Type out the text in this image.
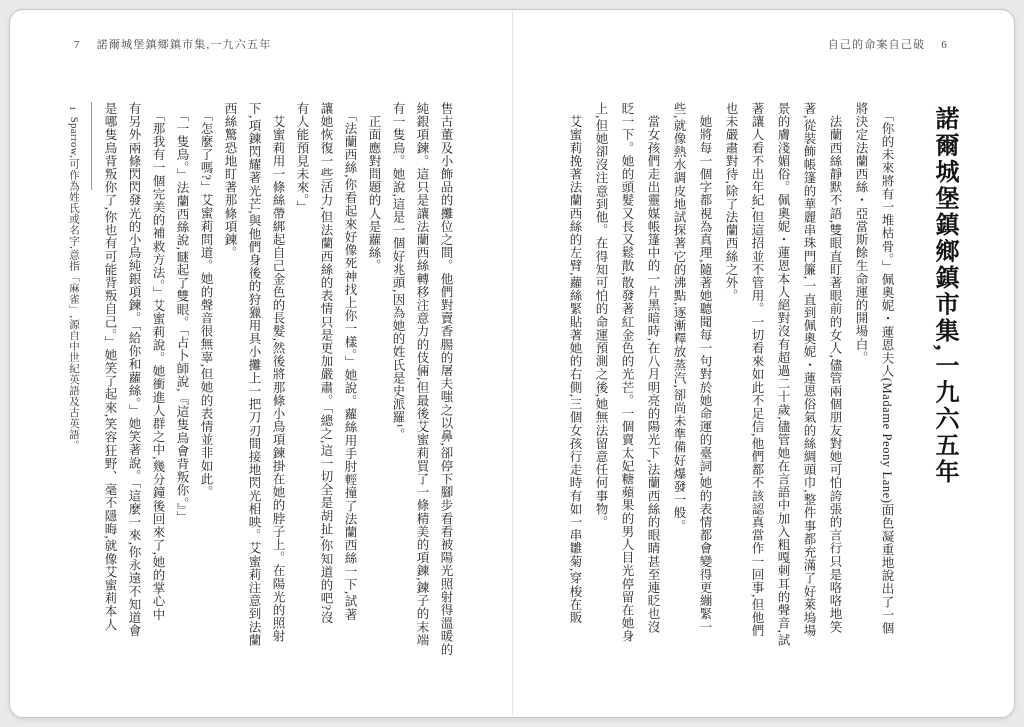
7 諾爾城堡鎮鄉鎮市集,一九六五年
售古董及小飾品的攤位之間。他們對賣香腸的屠夫嗤之以鼻,卻停下腳步看看被陽光照射得溫暖的
純銀項鍊。這只是讓法蘭西絲轉移注意力的伎倆,但最後艾蜜莉買了一條精美的項鍊,鍊子的末端
有一隻鳥。她說,這是一個好兆頭,因為她的姓氏是史派羅¹。
　正面應對問題的人是蘿絲。
　「法蘭西絲,你看起來好像死神找上你一樣。」她說。蘿絲用手肘輕撞了法蘭西絲一下,試著
讓她恢復一些活力,但法蘭西絲的表情只是更加嚴肅。「總之,這一切全是胡扯,你知道的吧?沒
有人能預見未來。」
　艾蜜莉用一條絲帶綁起自己金色的長髮,然後將那條小鳥項鍊掛在她的脖子上。在陽光的照射
下,項鍊閃耀著光芒,與他們身後的狩獵用具小攤上一把刀刃間接地閃光相映。艾蜜莉注意到法蘭
西絲驚恐地盯著那條項鍊。
　「怎麼了嗎?」艾蜜莉問道。她的聲音很無辜,但她的表情並非如此。
　「一隻鳥。」法蘭西絲說,瞇起了雙眼。「占卜師說,『這隻鳥會背叛你。』」
　「那我有一個完美的補救方法。」艾蜜莉說。她衝進人群之中,幾分鐘後回來了,她的掌心中
有另外兩條閃閃發光的小鳥純銀項鍊。「給你和蘿絲。」她笑著說。「這麼一來,你永遠不知道會
是哪隻鳥背叛你了,你也有可能背叛自己。」她笑了起來,笑容狂野、毫不隱晦,就像艾蜜莉本人
1Sparrow,可作為姓氏或名字,意指「麻雀」,源自中世紀英語及古英語。
自己的命案自己破 6
諾爾城堡鎮鄉鎮市集,一九六五年
　「你的未來將有一堆枯骨。」佩奧妮・蓮恩夫人(Madame Peony Lane)面色凝重地說出了一個
將決定法蘭西絲・亞當斯餘生命運的開場白。
　法蘭西絲靜默不語,雙眼直盯著眼前的女人,儘管兩個朋友對她可怕誇張的言行只是咯咯地笑
著,從裝飾帳篷的華麗串珠門簾,一直到佩奧妮・蓮恩俗氣的絲綢頭巾,整件事都充滿了好萊塢場
景的膚淺媚俗。佩奧妮・蓮恩本人絕對沒有超過二十歲,儘管她在言語中加入粗嘎刺耳的聲音,試
著讓人看不出年紀,但這招並不管用。一切看來如此不足信,他們都不該認真當作一回事,但他們
也未嚴肅對待,除了法蘭西絲之外。
　她將每一個字都視為真理,隨著她聽聞每一句對於她命運的臺詞,她的表情都會變得更繃緊一
些,就像熱水調皮地試探著它的沸點,逐漸釋放蒸汽,卻尚未準備好爆發一般。
　當女孩們走出靈媒帳篷中的一片黑暗時,在八月明亮的陽光下,法蘭西絲的眼睛甚至連眨也沒
眨一下。她的頭髮又長又鬆散,散發著紅金色的光芒。一個賣太妃糖蘋果的男人目光停留在她身
上,但她卻沒注意到他。在得知可怕的命運預測之後,她無法留意任何事物。
　艾蜜莉挽著法蘭西絲的左臂,蘿絲緊貼著她的右側,三個女孩行走時有如一串雛菊,穿梭在販
